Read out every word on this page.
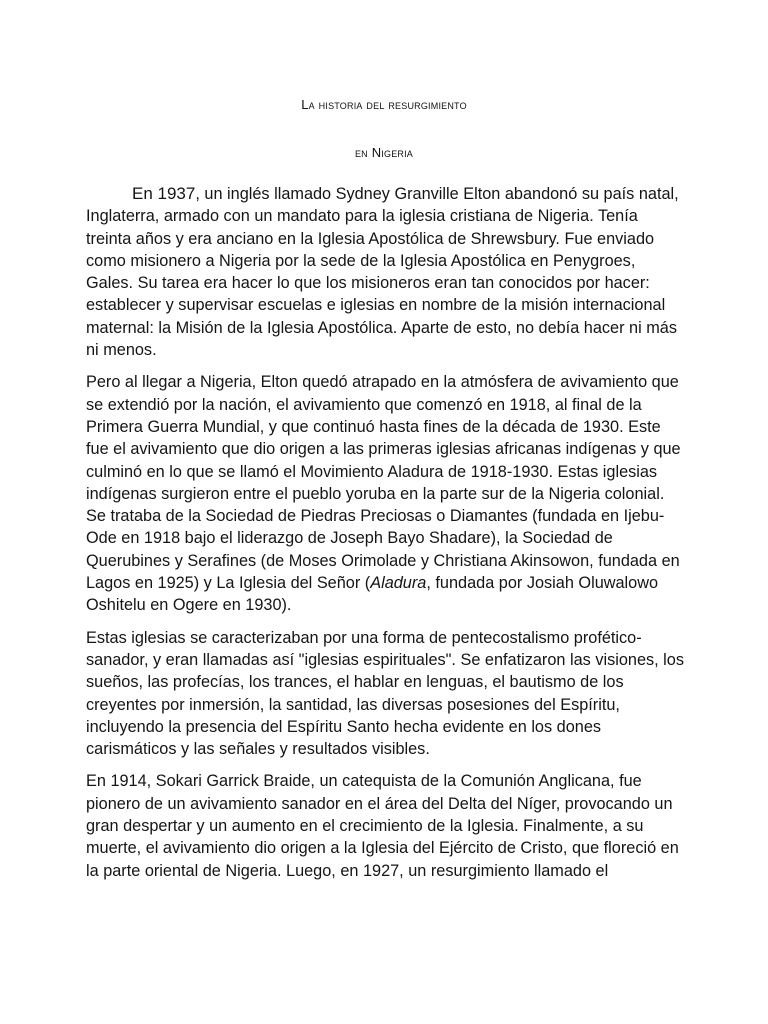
La historia del resurgimiento
en Nigeria

En 1937, un inglés llamado Sydney Granville Elton abandonó su país natal, Inglaterra, armado con un mandato para la iglesia cristiana de Nigeria. Tenía treinta años y era anciano en la Iglesia Apostólica de Shrewsbury. Fue enviado como misionero a Nigeria por la sede de la Iglesia Apostólica en Penygroes, Gales. Su tarea era hacer lo que los misioneros eran tan conocidos por hacer: establecer y supervisar escuelas e iglesias en nombre de la misión internacional maternal: la Misión de la Iglesia Apostólica. Aparte de esto, no debía hacer ni más ni menos.

Pero al llegar a Nigeria, Elton quedó atrapado en la atmósfera de avivamiento que se extendió por la nación, el avivamiento que comenzó en 1918, al final de la Primera Guerra Mundial, y que continuó hasta fines de la década de 1930. Este fue el avivamiento que dio origen a las primeras iglesias africanas indígenas y que culminó en lo que se llamó el Movimiento Aladura de 1918-1930. Estas iglesias indígenas surgieron entre el pueblo yoruba en la parte sur de la Nigeria colonial. Se trataba de la Sociedad de Piedras Preciosas o Diamantes (fundada en Ijebu-Ode en 1918 bajo el liderazgo de Joseph Bayo Shadare), la Sociedad de Querubines y Serafines (de Moses Orimolade y Christiana Akinsowon, fundada en Lagos en 1925) y La Iglesia del Señor (Aladura, fundada por Josiah Oluwalowo Oshitelu en Ogere en 1930).

Estas iglesias se caracterizaban por una forma de pentecostalismo profético-sanador, y eran llamadas así "iglesias espirituales". Se enfatizaron las visiones, los sueños, las profecías, los trances, el hablar en lenguas, el bautismo de los creyentes por inmersión, la santidad, las diversas posesiones del Espíritu, incluyendo la presencia del Espíritu Santo hecha evidente en los dones carismáticos y las señales y resultados visibles.

En 1914, Sokari Garrick Braide, un catequista de la Comunión Anglicana, fue pionero de un avivamiento sanador en el área del Delta del Níger, provocando un gran despertar y un aumento en el crecimiento de la Iglesia. Finalmente, a su muerte, el avivamiento dio origen a la Iglesia del Ejército de Cristo, que floreció en la parte oriental de Nigeria. Luego, en 1927, un resurgimiento llamado el
